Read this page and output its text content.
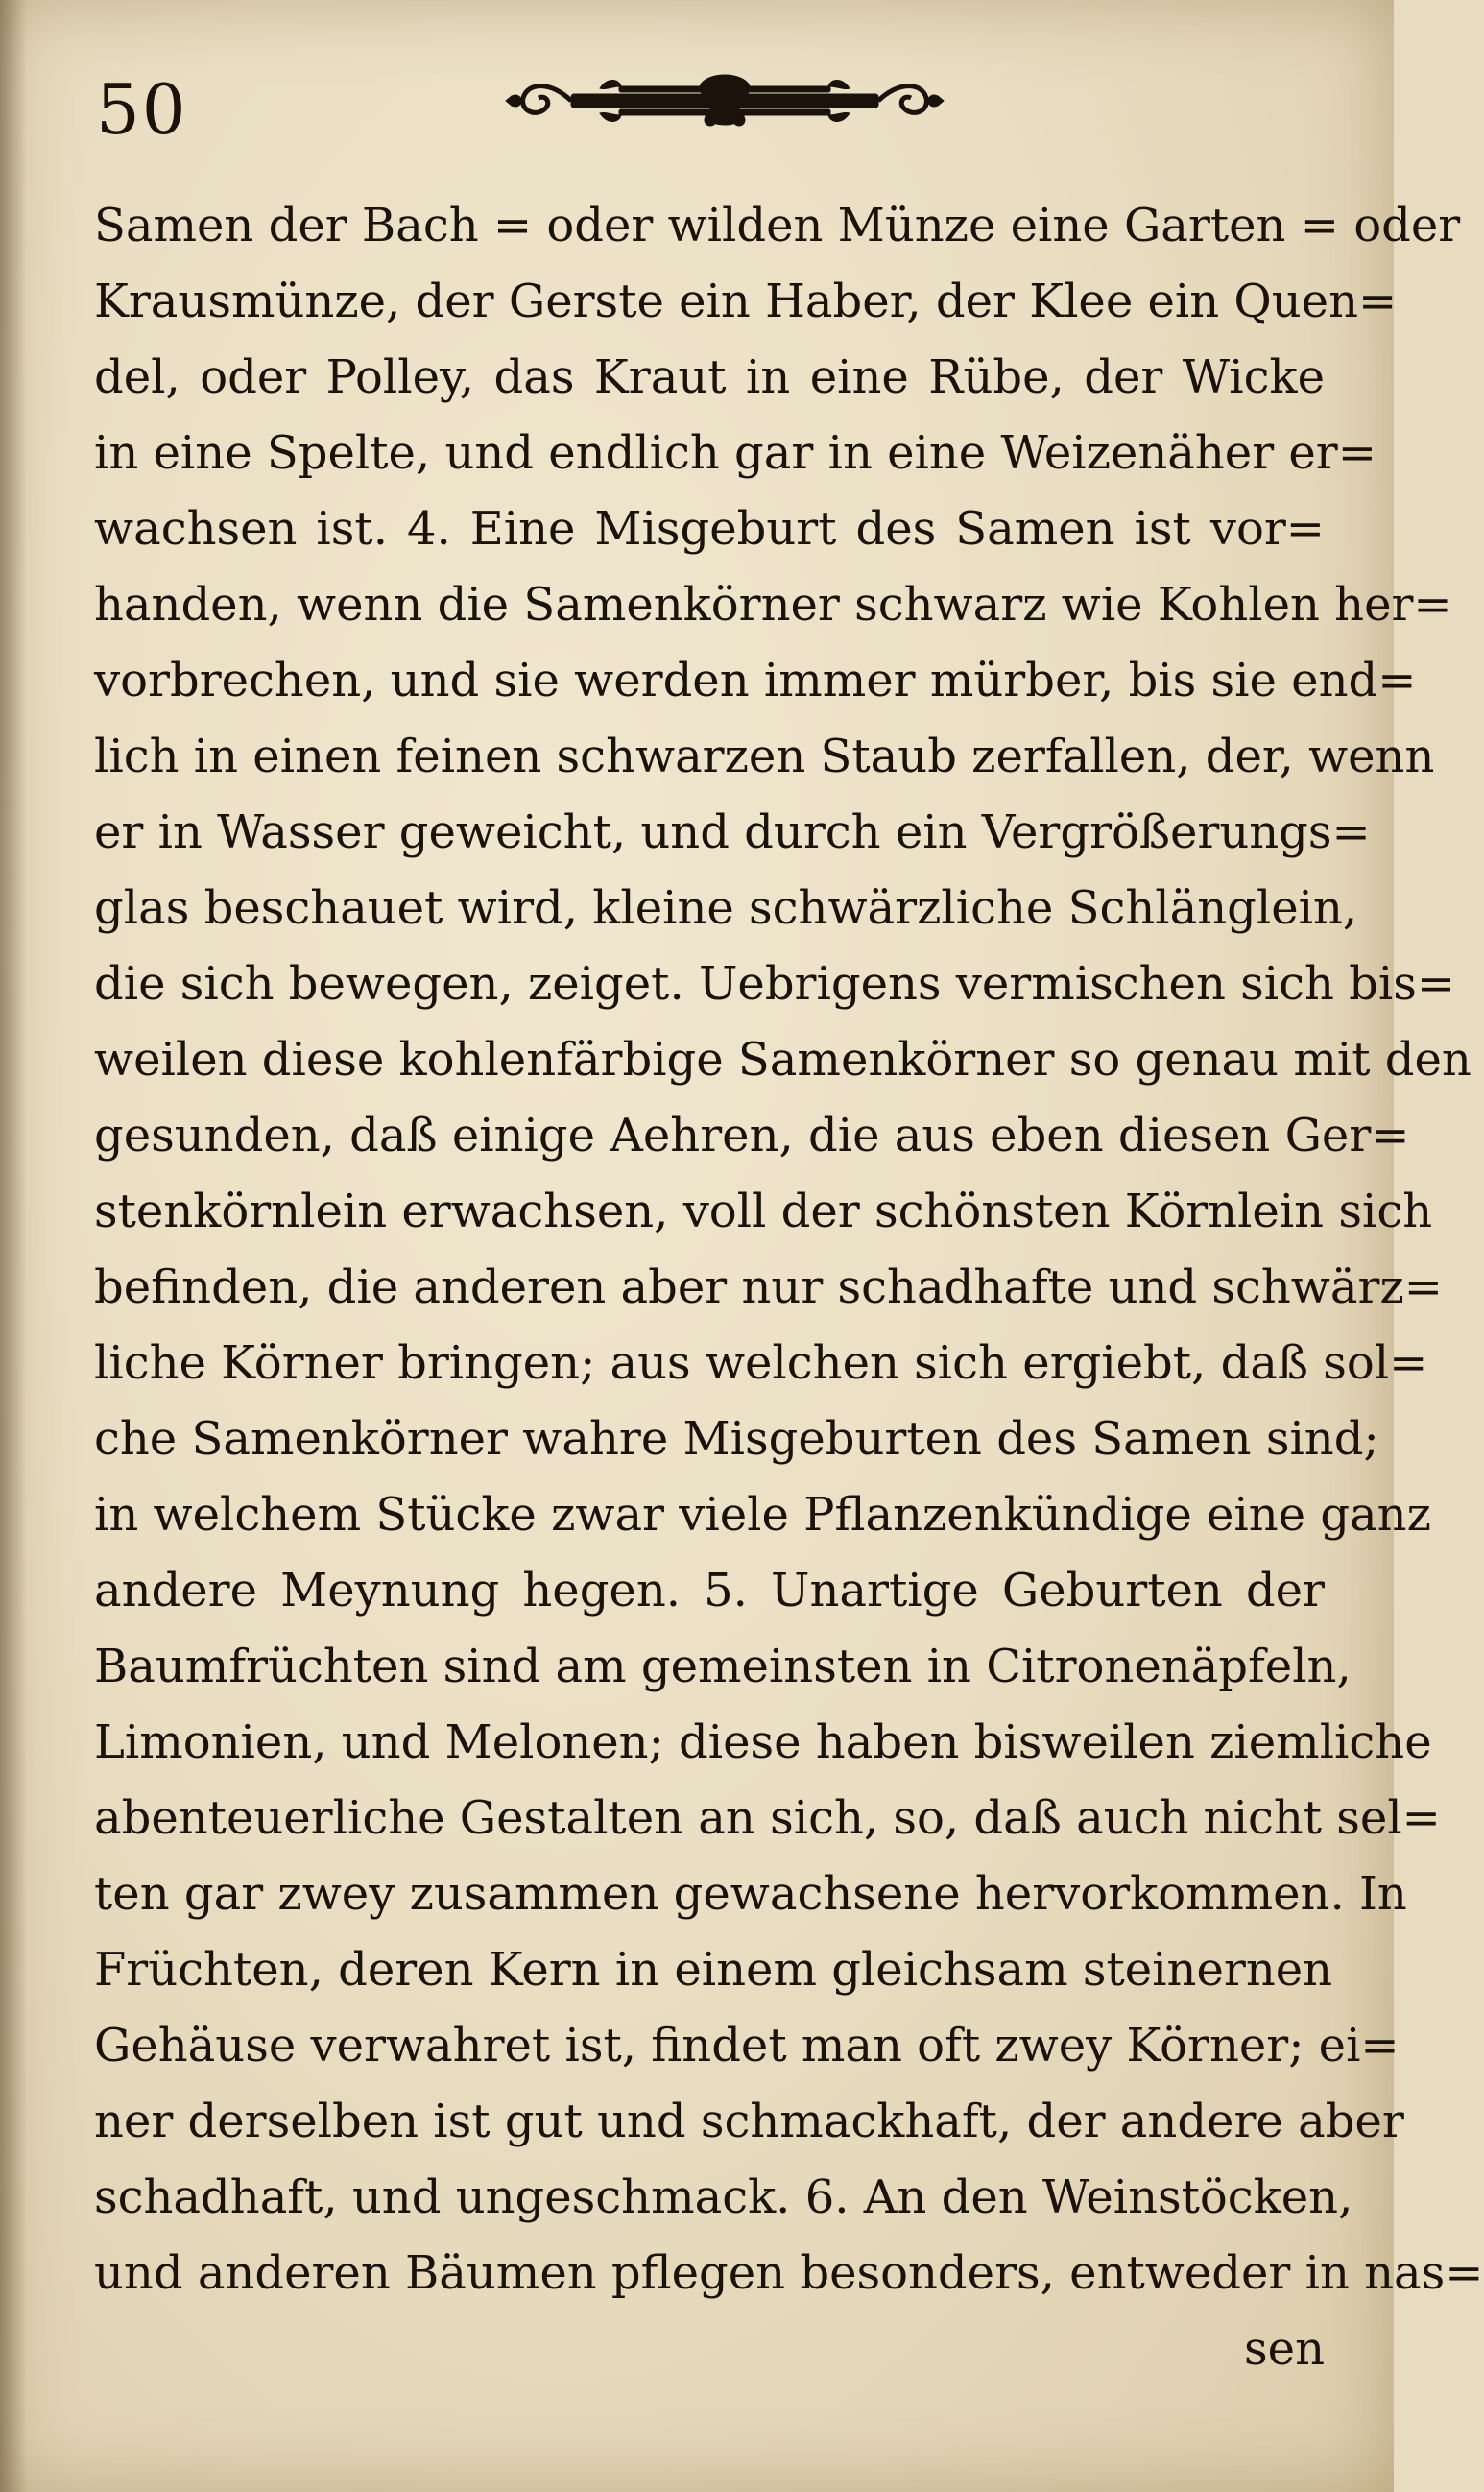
50
Samen der Bach = oder wilden Münze eine Garten = oder
Krausmünze, der Gerste ein Haber, der Klee ein Quen=
del, oder Polley, das Kraut in eine Rübe, der Wicke
in eine Spelte, und endlich gar in eine Weizenäher er=
wachsen ist. 4. Eine Misgeburt des Samen ist vor=
handen, wenn die Samenkörner schwarz wie Kohlen her=
vorbrechen, und sie werden immer mürber, bis sie end=
lich in einen feinen schwarzen Staub zerfallen, der, wenn
er in Wasser geweicht, und durch ein Vergrößerungs=
glas beschauet wird, kleine schwärzliche Schlänglein,
die sich bewegen, zeiget. Uebrigens vermischen sich bis=
weilen diese kohlenfärbige Samenkörner so genau mit den
gesunden, daß einige Aehren, die aus eben diesen Ger=
stenkörnlein erwachsen, voll der schönsten Körnlein sich
befinden, die anderen aber nur schadhafte und schwärz=
liche Körner bringen; aus welchen sich ergiebt, daß sol=
che Samenkörner wahre Misgeburten des Samen sind;
in welchem Stücke zwar viele Pflanzenkündige eine ganz
andere Meynung hegen. 5. Unartige Geburten der
Baumfrüchten sind am gemeinsten in Citronenäpfeln,
Limonien, und Melonen; diese haben bisweilen ziemliche
abenteuerliche Gestalten an sich, so, daß auch nicht sel=
ten gar zwey zusammen gewachsene hervorkommen. In
Früchten, deren Kern in einem gleichsam steinernen
Gehäuse verwahret ist, findet man oft zwey Körner; ei=
ner derselben ist gut und schmackhaft, der andere aber
schadhaft, und ungeschmack. 6. An den Weinstöcken,
und anderen Bäumen pflegen besonders, entweder in nas=
sen
